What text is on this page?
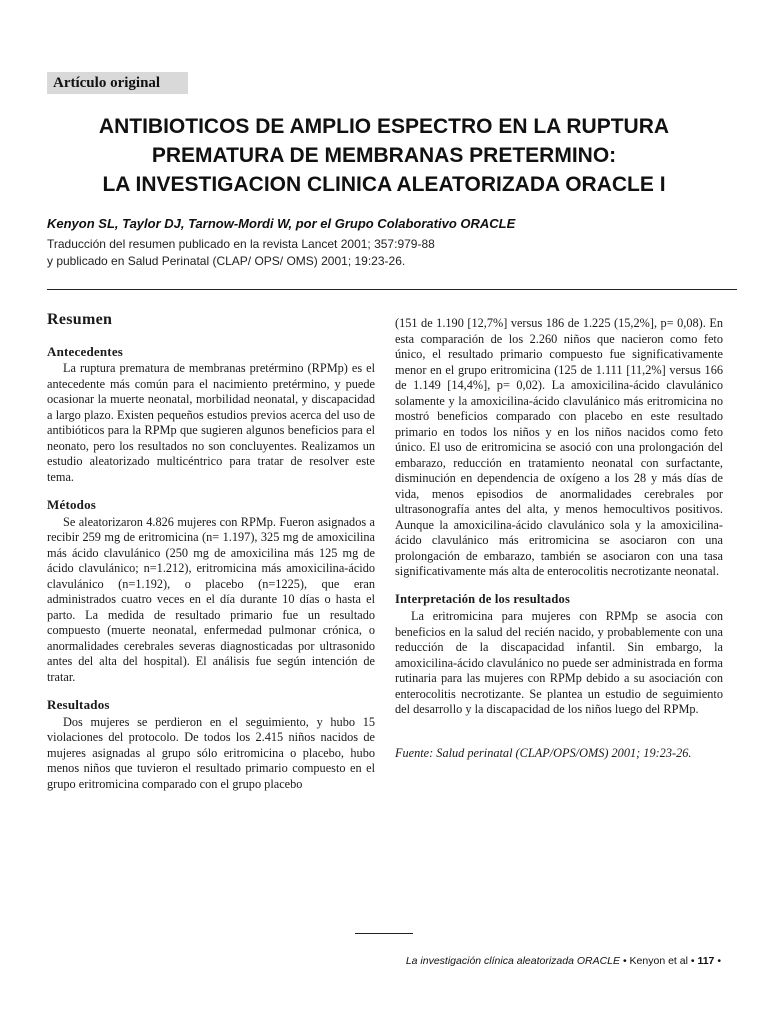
Artículo original
ANTIBIOTICOS DE AMPLIO ESPECTRO EN LA RUPTURA
PREMATURA DE MEMBRANAS PRETERMINO:
LA INVESTIGACION CLINICA ALEATORIZADA ORACLE I
Kenyon SL, Taylor DJ, Tarnow-Mordi W, por el Grupo Colaborativo ORACLE
Traducción del resumen publicado en la revista Lancet 2001; 357:979-88
y publicado en Salud Perinatal (CLAP/ OPS/ OMS) 2001; 19:23-26.
Resumen
Antecedentes

La ruptura prematura de membranas pretérmino (RPMp) es el antecedente más común para el nacimiento pretérmino, y puede ocasionar la muerte neonatal, morbilidad neonatal, y discapacidad a largo plazo. Existen pequeños estudios previos acerca del uso de antibióticos para la RPMp que sugieren algunos beneficios para el neonato, pero los resultados no son concluyentes. Realizamos un estudio aleatorizado multicéntrico para tratar de resolver este tema.

Métodos

Se aleatorizaron 4.826 mujeres con RPMp. Fueron asignados a recibir 259 mg de eritromicina (n= 1.197), 325 mg de amoxicilina más ácido clavulánico (250 mg de amoxicilina más 125 mg de ácido clavulánico; n=1.212), eritromicina más amoxicilina-ácido clavulánico (n=1.192), o placebo (n=1225), que eran administrados cuatro veces en el día durante 10 días o hasta el parto. La medida de resultado primario fue un resultado compuesto (muerte neonatal, enfermedad pulmonar crónica, o anormalidades cerebrales severas diagnosticadas por ultrasonido antes del alta del hospital). El análisis fue según intención de tratar.

Resultados

Dos mujeres se perdieron en el seguimiento, y hubo 15 violaciones del protocolo. De todos los 2.415 niños nacidos de mujeres asignadas al grupo sólo eritromicina o placebo, hubo menos niños que tuvieron el resultado primario compuesto en el grupo eritromicina comparado con el grupo placebo

(151 de 1.190 [12,7%] versus 186 de 1.225 (15,2%], p= 0,08). En esta comparación de los 2.260 niños que nacieron como feto único, el resultado primario compuesto fue significativamente menor en el grupo eritromicina (125 de 1.111 [11,2%] versus 166 de 1.149 [14,4%], p= 0,02). La amoxicilina-ácido clavulánico solamente y la amoxicilina-ácido clavulánico más eritromicina no mostró beneficios comparado con placebo en este resultado primario en todos los niños y en los niños nacidos como feto único. El uso de eritromicina se asoció con una prolongación del embarazo, reducción en tratamiento neonatal con surfactante, disminución en dependencia de oxígeno a los 28 y más días de vida, menos episodios de anormalidades cerebrales por ultrasonografía antes del alta, y menos hemocultivos positivos. Aunque la amoxicilina-ácido clavulánico sola y la amoxicilina-ácido clavulánico más eritromicina se asociaron con una prolongación de embarazo, también se asociaron con una tasa significativamente más alta de enterocolitis necrotizante neonatal.

Interpretación de los resultados

La eritromicina para mujeres con RPMp se asocia con beneficios en la salud del recién nacido, y probablemente con una reducción de la discapacidad infantil. Sin embargo, la amoxicilina-ácido clavulánico no puede ser administrada en forma rutinaria para las mujeres con RPMp debido a su asociación con enterocolitis necrotizante. Se plantea un estudio de seguimiento del desarrollo y la discapacidad de los niños luego del RPMp.

Fuente: Salud perinatal (CLAP/OPS/OMS) 2001; 19:23-26.
La investigación clínica aleatorizada ORACLE • Kenyon et al • 117 •
